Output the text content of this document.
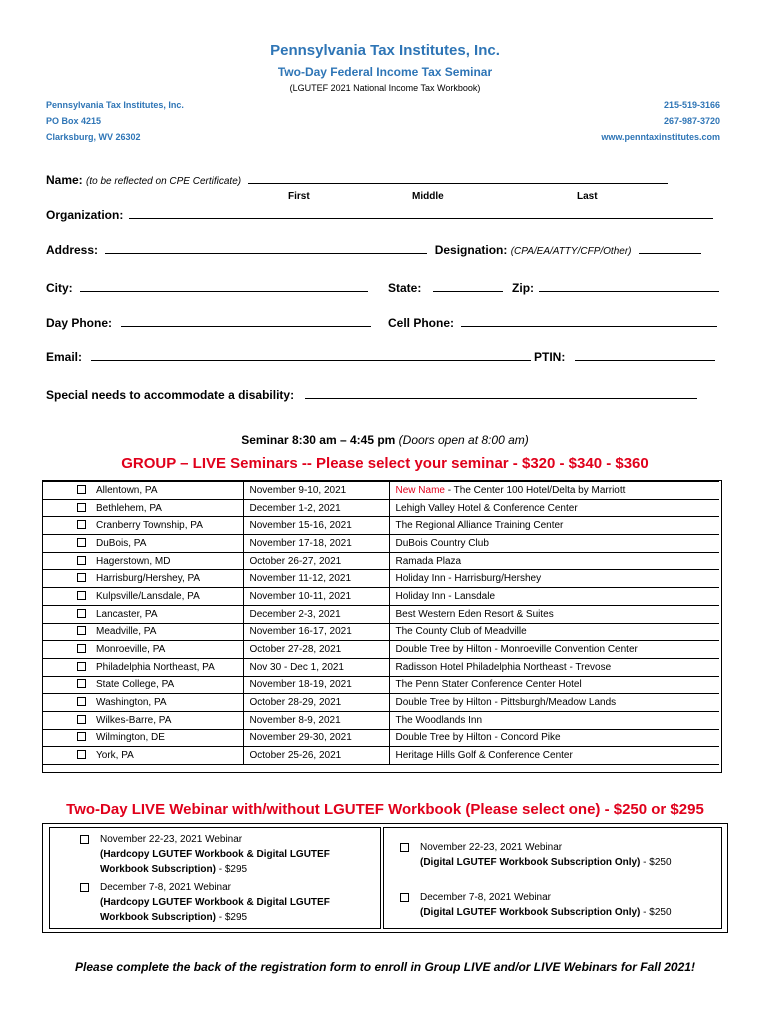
Pennsylvania Tax Institutes, Inc.
Two-Day Federal Income Tax Seminar
(LGUTEF 2021 National Income Tax Workbook)
Pennsylvania Tax Institutes, Inc.
PO Box 4215
Clarksburg, WV 26302
215-519-3166
267-987-3720
www.penntaxinstitutes.com
Name: (to be reflected on CPE Certificate)
First	Middle	Last
Organization:
Address:	Designation: (CPA/EA/ATTY/CFP/Other)
City:	State:	Zip:
Day Phone:	Cell Phone:
Email:	PTIN:
Special needs to accommodate a disability:
Seminar 8:30 am – 4:45 pm (Doors open at 8:00 am)
GROUP – LIVE Seminars -- Please select your seminar - $320 - $340 - $360
Allentown, PA	November 9-10, 2021	New Name - The Center 100 Hotel/Delta by Marriott
Bethlehem, PA	December 1-2, 2021	Lehigh Valley Hotel & Conference Center
Cranberry Township, PA	November 15-16, 2021	The Regional Alliance Training Center
DuBois, PA	November 17-18, 2021	DuBois Country Club
Hagerstown, MD	October 26-27, 2021	Ramada Plaza
Harrisburg/Hershey, PA	November 11-12, 2021	Holiday Inn - Harrisburg/Hershey
Kulpsville/Lansdale, PA	November 10-11, 2021	Holiday Inn - Lansdale
Lancaster, PA	December 2-3, 2021	Best Western Eden Resort & Suites
Meadville, PA	November 16-17, 2021	The County Club of Meadville
Monroeville, PA	October 27-28, 2021	Double Tree by Hilton - Monroeville Convention Center
Philadelphia Northeast, PA	Nov 30 - Dec 1, 2021	Radisson Hotel Philadelphia Northeast - Trevose
State College, PA	November 18-19, 2021	The Penn Stater Conference Center Hotel
Washington, PA	October 28-29, 2021	Double Tree by Hilton - Pittsburgh/Meadow Lands
Wilkes-Barre, PA	November 8-9, 2021	The Woodlands Inn
Wilmington, DE	November 29-30, 2021	Double Tree by Hilton - Concord Pike
York, PA	October 25-26, 2021	Heritage Hills Golf & Conference Center
Two-Day LIVE Webinar with/without LGUTEF Workbook (Please select one) - $250 or $295
November 22-23, 2021 Webinar
(Hardcopy LGUTEF Workbook & Digital LGUTEF Workbook Subscription) - $295
December 7-8, 2021 Webinar
(Hardcopy LGUTEF Workbook & Digital LGUTEF Workbook Subscription) - $295
November 22-23, 2021 Webinar
(Digital LGUTEF Workbook Subscription Only) - $250
December 7-8, 2021 Webinar
(Digital LGUTEF Workbook Subscription Only) - $250
Please complete the back of the registration form to enroll in Group LIVE and/or LIVE Webinars for Fall 2021!
